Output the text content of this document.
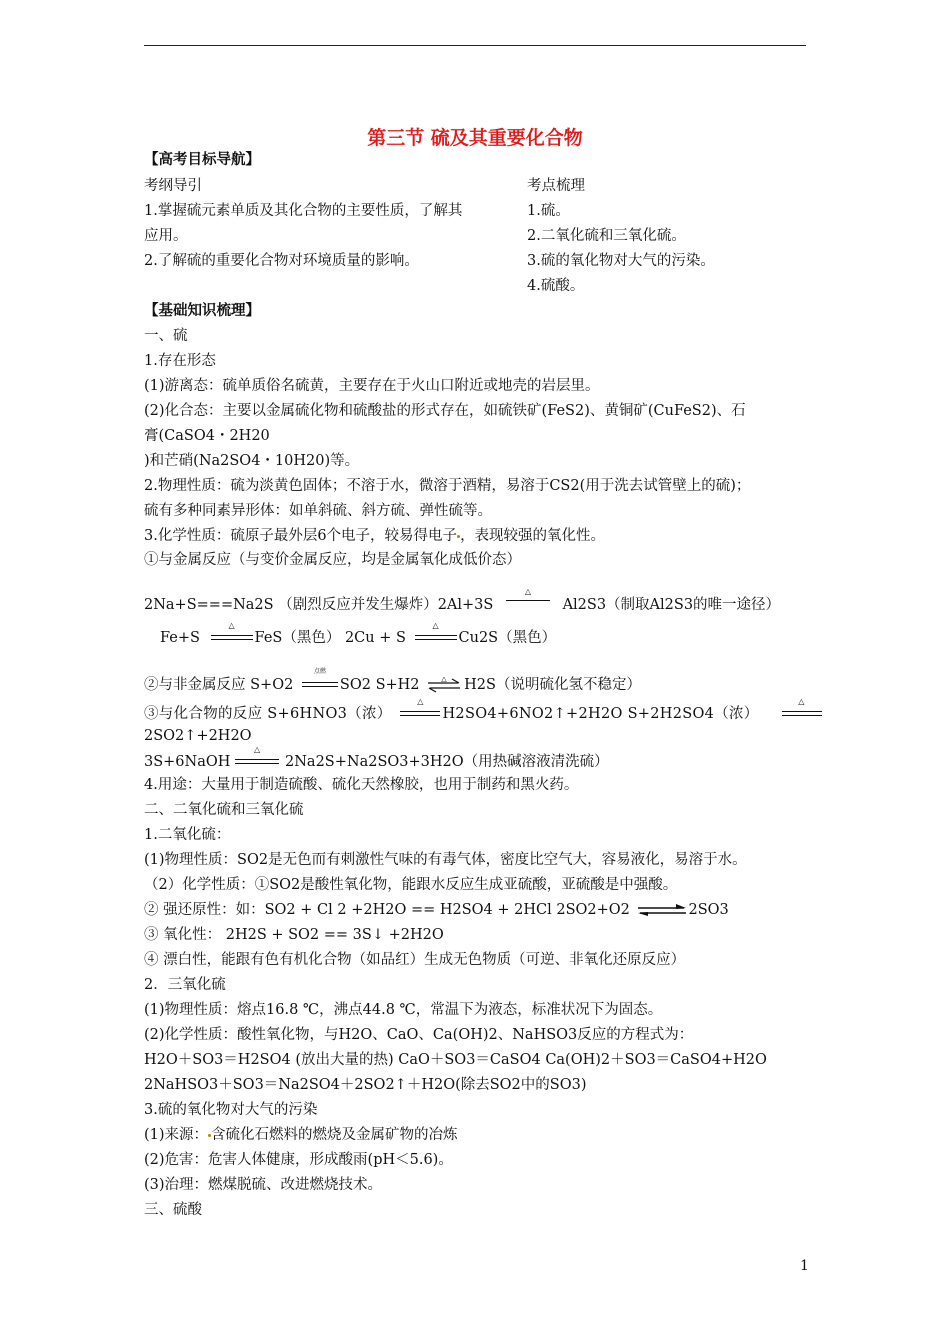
第三节 硫及其重要化合物
【高考目标导航】
考纲导引	考点梳理
1.掌握硫元素单质及其化合物的主要性质，了解其	1.硫。
应用。	2.二氧化硫和三氧化硫。
2.了解硫的重要化合物对环境质量的影响。	3.硫的氧化物对大气的污染。
4.硫酸。
【基础知识梳理】
一、硫
1.存在形态
(1)游离态：硫单质俗名硫黄，主要存在于火山口附近或地壳的岩层里。
(2)化合态：主要以金属硫化物和硫酸盐的形式存在，如硫铁矿(FeS2)、黄铜矿(CuFeS2)、石
膏(CaSO4・2H20
)和芒硝(Na2SO4・10H20)等。
2.物理性质：硫为淡黄色固体；不溶于水，微溶于酒精，易溶于CS2(用于洗去试管壁上的硫)；
硫有多种同素异形体：如单斜硫、斜方硫、弹性硫等。
3.化学性质：硫原子最外层6个电子，较易得电子 ，表现较强的氧化性。
①与金属反应（与变价金属反应，均是金属氧化成低价态）
2Na+S===Na2S （剧烈反应并发生爆炸）2Al+3S
△
Al2S3（制取Al2S3的唯一途径）
Fe+S
△
FeS（黑色） 2Cu + S
△
Cu2S（黑色）
②与非金属反应 S+O2
点燃
SO2 S+H2	△ H2S（说明硫化氢不稳定）
③与化合物的反应 S+6HNO3（浓）
△
H2SO4+6NO2↑+2H2O S+2H2SO4（浓）
△
2SO2↑+2H2O
3S+6NaOH
△
2Na2S+Na2SO3+3H2O（用热碱溶液清洗硫）
4.用途：大量用于制造硫酸、硫化天然橡胶，也用于制药和黑火药。
二、二氧化硫和三氧化硫
1.二氧化硫：
(1)物理性质：SO2是无色而有刺激性气味的有毒气体，密度比空气大，容易液化，易溶于水。
（2）化学性质：①SO2是酸性氧化物，能跟水反应生成亚硫酸，亚硫酸是中强酸。
② 强还原性：如：SO2 + Cl 2 +2H2O == H2SO4 + 2HCl 2SO2+O2 ⇌2SO3
③ 氧化性： 2H2S + SO2 == 3S↓ +2H2O
④ 漂白性，能跟有色有机化合物（如品红）生成无色物质（可逆、非氧化还原反应）
2．三氧化硫
(1)物理性质：熔点16.8 ℃，沸点44.8 ℃，常温下为液态，标准状况下为固态。
(2)化学性质：酸性氧化物，与H2O、CaO、Ca(OH)2、NaHSO3反应的方程式为：
H2O＋SO3＝H2SO4 (放出大量的热) CaO＋SO3＝CaSO4 Ca(OH)2＋SO3＝CaSO4+H2O
2NaHSO3＋SO3＝Na2SO4＋2SO2↑＋H2O(除去SO2中的SO3)
3.硫的氧化物对大气的污染
(1)来源： 含硫化石燃料的燃烧及金属矿物的冶炼
(2)危害：危害人体健康，形成酸雨(pH＜5.6)。
(3)治理：燃煤脱硫、改进燃烧技术。
三、硫酸
1
